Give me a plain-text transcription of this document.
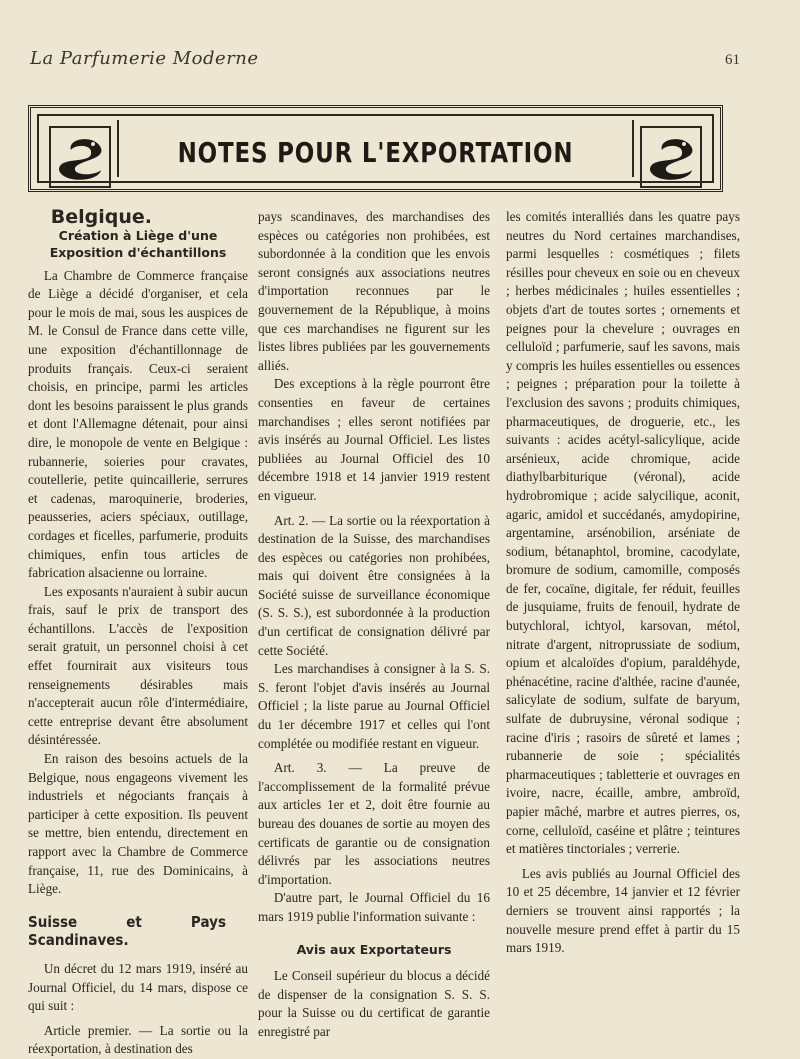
La Parfumerie Moderne	61
NOTES POUR L'EXPORTATION

Belgique.

Création à Liège d'une Exposition d'échantillons

La Chambre de Commerce française de Liège a décidé d'organiser, et cela pour le mois de mai, sous les auspices de M. le Consul de France dans cette ville, une exposition d'échantillonnage de produits français. Ceux-ci seraient choisis, en principe, parmi les articles dont les besoins paraissent le plus grands et dont l'Allemagne détenait, pour ainsi dire, le monopole de vente en Belgique : rubannerie, soieries pour cravates, coutellerie, petite quincaillerie, serrures et cadenas, maroquinerie, broderies, peausseries, aciers spéciaux, outillage, cordages et ficelles, parfumerie, produits chimiques, enfin tous articles de fabrication alsacienne ou lorraine.

Les exposants n'auraient à subir aucun frais, sauf le prix de transport des échantillons. L'accès de l'exposition serait gratuit, un personnel choisi à cet effet fournirait aux visiteurs tous renseignements désirables mais n'accepterait aucun rôle d'intermédiaire, cette entreprise devant être absolument désintéressée.

En raison des besoins actuels de la Belgique, nous engageons vivement les industriels et négociants français à participer à cette exposition. Ils peuvent se mettre, bien entendu, directement en rapport avec la Chambre de Commerce française, 11, rue des Dominicains, à Liège.

Suisse et Pays Scandinaves.

Un décret du 12 mars 1919, inséré au Journal Officiel, du 14 mars, dispose ce qui suit :

Article premier. — La sortie ou la réexportation, à destination des

pays scandinaves, des marchandises des espèces ou catégories non prohibées, est subordonnée à la condition que les envois seront consignés aux associations neutres d'importation reconnues par le gouvernement de la République, à moins que ces marchandises ne figurent sur les listes libres publiées par les gouvernements alliés.

Des exceptions à la règle pourront être consenties en faveur de certaines marchandises ; elles seront notifiées par avis insérés au Journal Officiel. Les listes publiées au Journal Officiel des 10 décembre 1918 et 14 janvier 1919 restent en vigueur.

Art. 2. — La sortie ou la réexportation à destination de la Suisse, des marchandises des espèces ou catégories non prohibées, mais qui doivent être consignées à la Société suisse de surveillance économique (S. S. S.), est subordonnée à la production d'un certificat de consignation délivré par cette Société.

Les marchandises à consigner à la S. S. S. feront l'objet d'avis insérés au Journal Officiel ; la liste parue au Journal Officiel du 1er décembre 1917 et celles qui l'ont complétée ou modifiée restant en vigueur.

Art. 3. — La preuve de l'accomplissement de la formalité prévue aux articles 1er et 2, doit être fournie au bureau des douanes de sortie au moyen des certificats de garantie ou de consignation délivrés par les associations neutres d'importation.

D'autre part, le Journal Officiel du 16 mars 1919 publie l'information suivante :

Avis aux Exportateurs

Le Conseil supérieur du blocus a décidé de dispenser de la consignation S. S. S. pour la Suisse ou du certificat de garantie enregistré par

les comités interalliés dans les quatre pays neutres du Nord certaines marchandises, parmi lesquelles : cosmétiques ; filets résilles pour cheveux en soie ou en cheveux ; herbes médicinales ; huiles essentielles ; objets d'art de toutes sortes ; ornements et peignes pour la chevelure ; ouvrages en celluloïd ; parfumerie, sauf les savons, mais y compris les huiles essentielles ou essences ; peignes ; préparation pour la toilette à l'exclusion des savons ; produits chimiques, pharmaceutiques, de droguerie, etc., les suivants : acides acétyl-salicylique, acide arsénieux, acide chromique, acide diathylbarbiturique (véronal), acide hydrobromique ; acide salycilique, aconit, agaric, amidol et succédanés, amydopirine, argentamine, arsénobilion, arséniate de sodium, bétanaphtol, bromine, cacodylate, bromure de sodium, camomille, composés de fer, cocaïne, digitale, fer réduit, feuilles de jusquiame, fruits de fenouil, hydrate de butychloral, ichtyol, karsovan, métol, nitrate d'argent, nitroprussiate de sodium, opium et alcaloïdes d'opium, paraldéhyde, phénacétine, racine d'althée, racine d'aunée, salicylate de sodium, sulfate de baryum, sulfate de dubruysine, véronal sodique ; racine d'iris ; rasoirs de sûreté et lames ; rubannerie de soie ; spécialités pharmaceutiques ; tabletterie et ouvrages en ivoire, nacre, écaille, ambre, ambroïd, papier mâché, marbre et autres pierres, os, corne, celluloïd, caséine et plâtre ; teintures et matières tinctoriales ; verrerie.

Les avis publiés au Journal Officiel des 10 et 25 décembre, 14 janvier et 12 février derniers se trouvent ainsi rapportés ; la nouvelle mesure prend effet à partir du 15 mars 1919.
